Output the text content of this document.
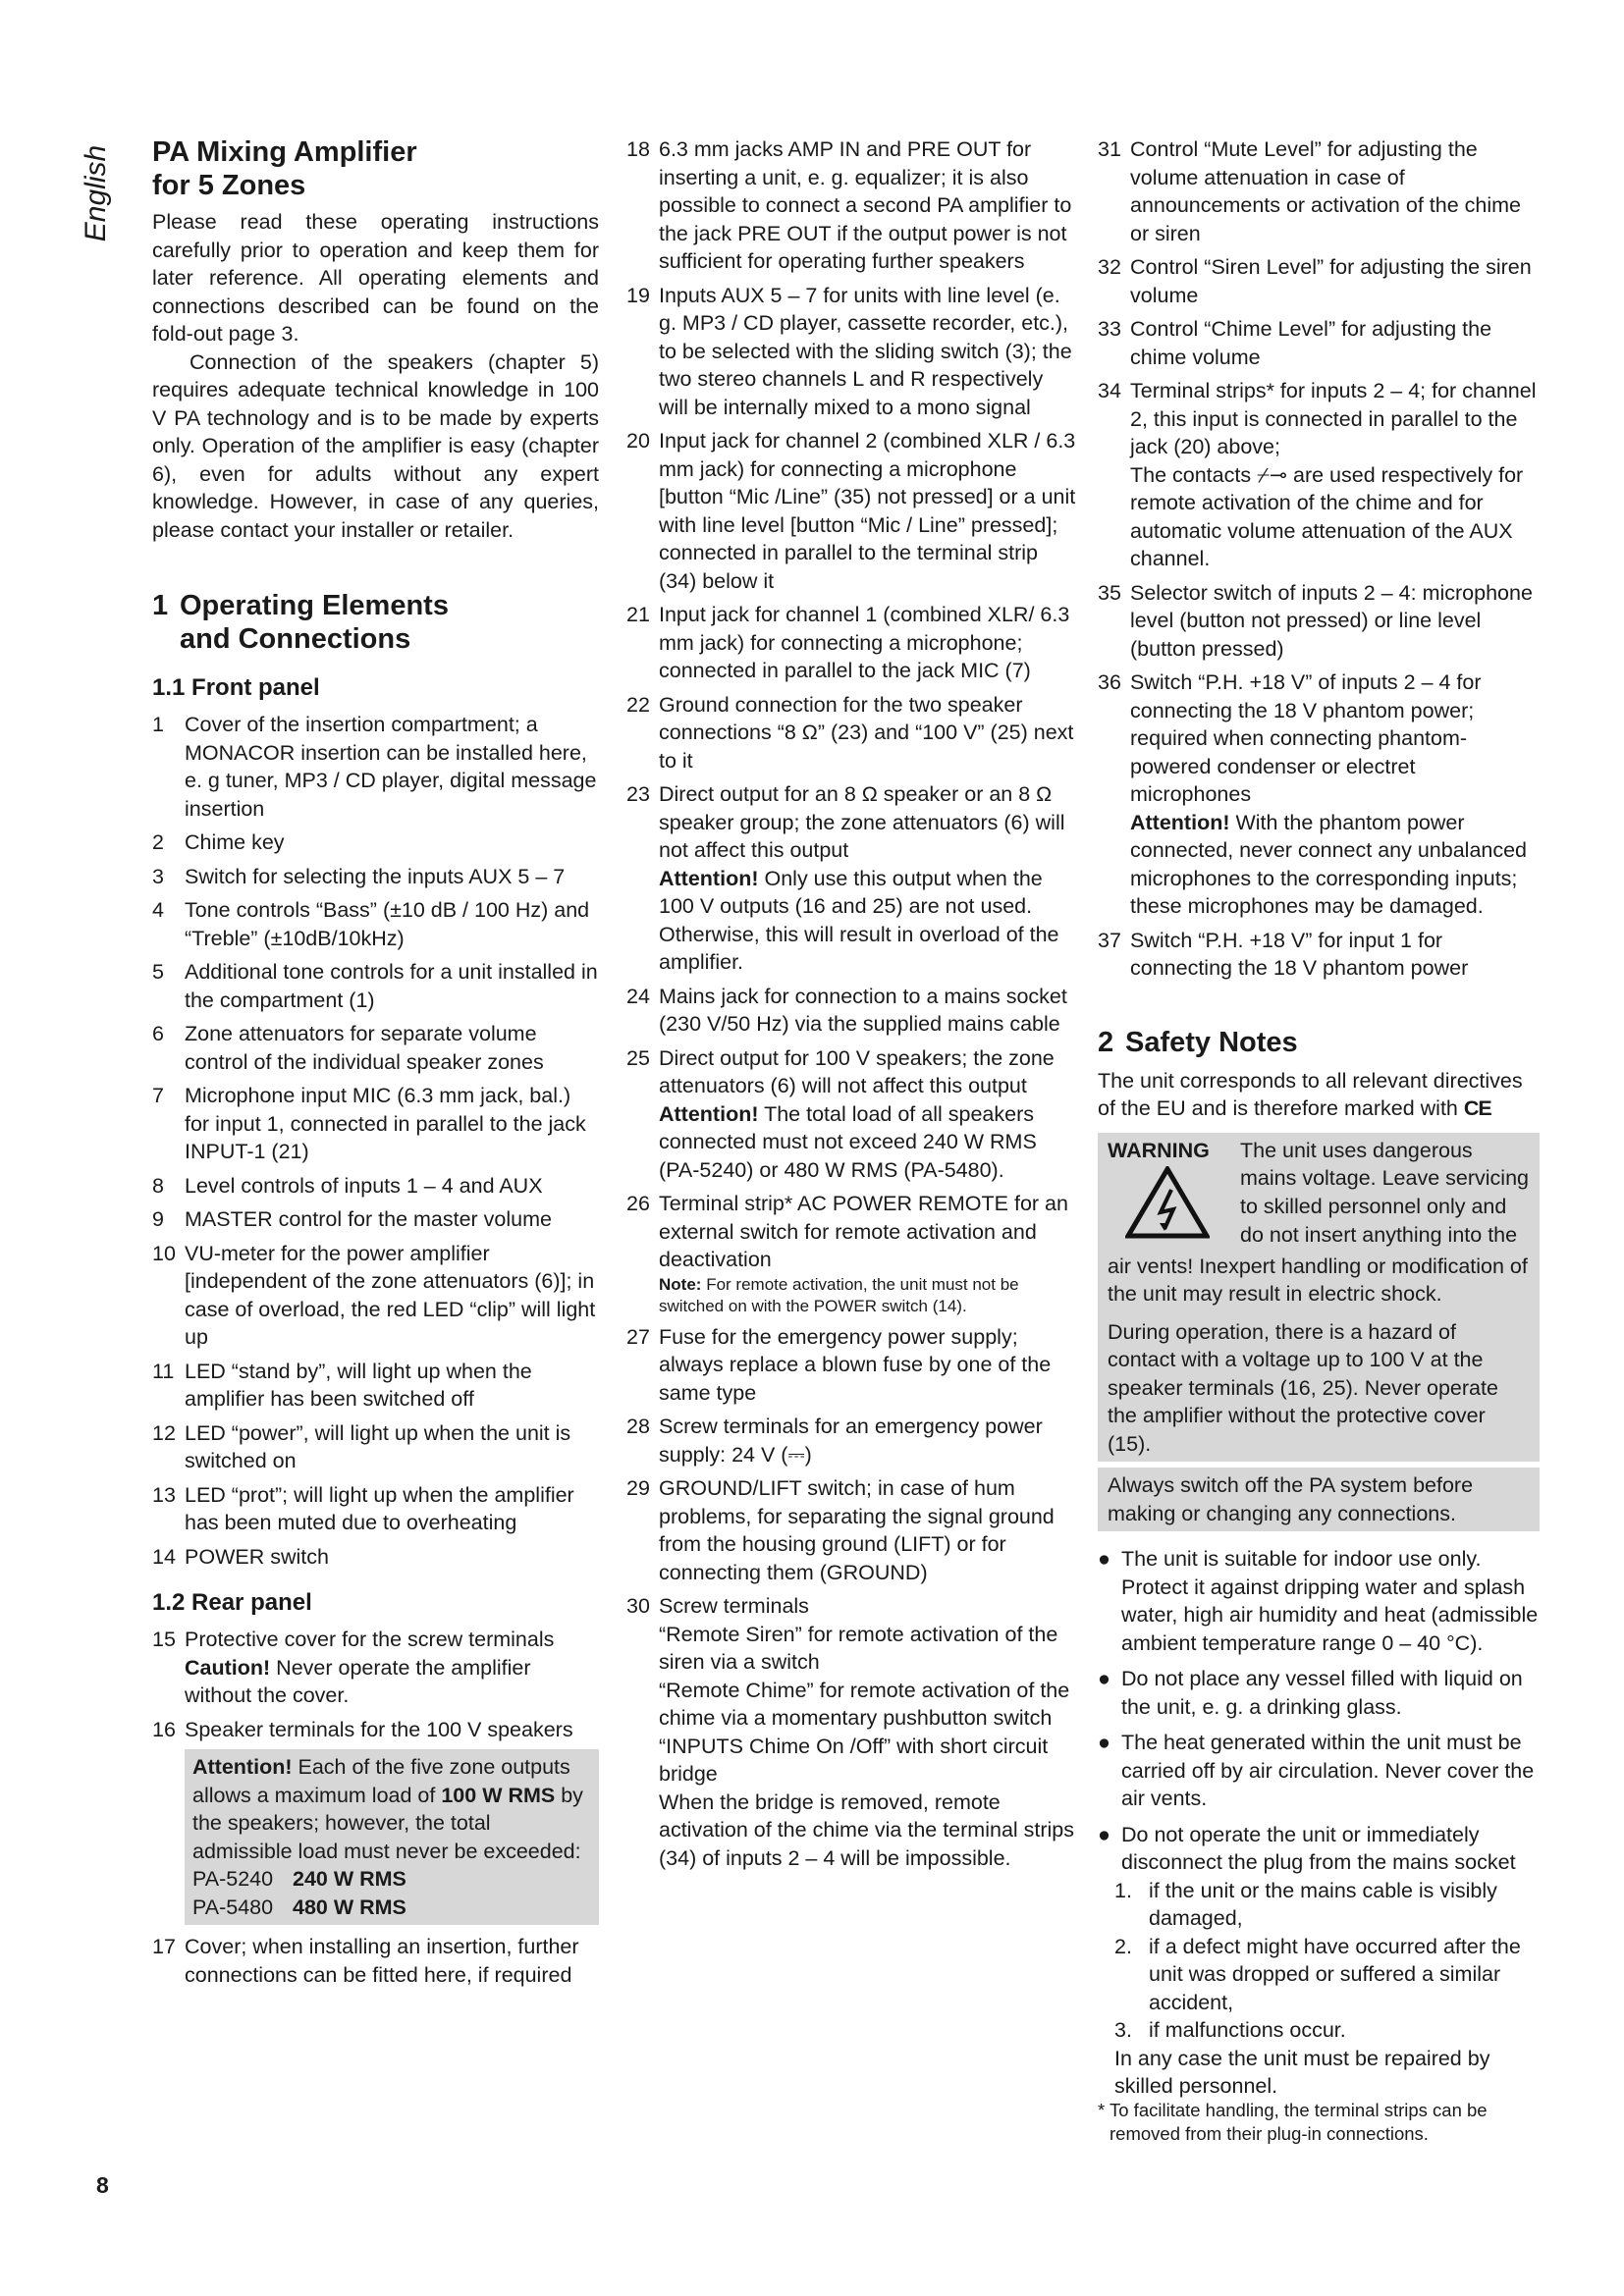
English PA Mixing Amplifier
for 5 Zones

Please read these operating instructions carefully prior to operation and keep them for later reference. All operating elements and connections described can be found on the fold-out page 3.

Connection of the speakers (chapter 5) requires adequate technical knowledge in 100 V PA technology and is to be made by experts only. Operation of the amplifier is easy (chapter 6), even for adults without any expert knowledge. However, in case of any queries, please contact your installer or retailer.

1 Operating Elements
and Connections
1.1 Front panel
1 Cover of the insertion compartment; a MONACOR insertion can be installed here, e. g tuner, MP3 / CD player, digital message insertion
2 Chime key
3 Switch for selecting the inputs AUX 5 – 7
4 Tone controls “Bass” (±10 dB / 100 Hz) and “Treble” (±10dB/10kHz)
5 Additional tone controls for a unit installed in the compartment (1)
6 Zone attenuators for separate volume control of the individual speaker zones
7 Microphone input MIC (6.3 mm jack, bal.) for input 1, connected in parallel to the jack INPUT-1 (21)
8 Level controls of inputs 1 – 4 and AUX
9 MASTER control for the master volume
10 VU-meter for the power amplifier [independent of the zone attenuators (6)]; in case of overload, the red LED “clip” will light up
11 LED “stand by”, will light up when the amplifier has been switched off
12 LED “power”, will light up when the unit is switched on
13 LED “prot”; will light up when the amplifier has been muted due to overheating
14 POWER switch
1.2 Rear panel
15 Protective cover for the screw terminals
Caution! Never operate the amplifier without the cover.
16 Speaker terminals for the 100 V speakers
Attention! Each of the five zone outputs allows a maximum load of 100 W RMS by the speakers; however, the total admissible load must never be exceeded:
PA-5240 240 W RMS
PA-5480 480 W RMS
17 Cover; when installing an insertion, further connections can be fitted here, if required
18 6.3 mm jacks AMP IN and PRE OUT for inserting a unit, e. g. equalizer; it is also possible to connect a second PA amplifier to the jack PRE OUT if the output power is not sufficient for operating further speakers
19 Inputs AUX 5 – 7 for units with line level (e. g. MP3 / CD player, cassette recorder, etc.), to be selected with the sliding switch (3); the two stereo channels L and R respectively will be internally mixed to a mono signal
20 Input jack for channel 2 (combined XLR / 6.3 mm jack) for connecting a microphone [button “Mic /Line” (35) not pressed] or a unit with line level [button “Mic / Line” pressed]; connected in parallel to the terminal strip (34) below it
21 Input jack for channel 1 (combined XLR/ 6.3 mm jack) for connecting a microphone; connected in parallel to the jack MIC (7)
22 Ground connection for the two speaker connections “8 Ω” (23) and “100 V” (25) next to it
23 Direct output for an 8 Ω speaker or an 8 Ω speaker group; the zone attenuators (6) will not affect this output
Attention! Only use this output when the 100 V outputs (16 and 25) are not used. Otherwise, this will result in overload of the amplifier.
24 Mains jack for connection to a mains socket (230 V/50 Hz) via the supplied mains cable
25 Direct output for 100 V speakers; the zone attenuators (6) will not affect this output
Attention! The total load of all speakers connected must not exceed 240 W RMS (PA-5240) or 480 W RMS (PA-5480).
26 Terminal strip* AC POWER REMOTE for an external switch for remote activation and deactivation
Note: For remote activation, the unit must not be switched on with the POWER switch (14).
27 Fuse for the emergency power supply; always replace a blown fuse by one of the same type
28 Screw terminals for an emergency power supply: 24 V (⎓)
29 GROUND/LIFT switch; in case of hum problems, for separating the signal ground from the housing ground (LIFT) or for connecting them (GROUND)
30 Screw terminals
“Remote Siren” for remote activation of the siren via a switch
“Remote Chime” for remote activation of the chime via a momentary pushbutton switch
“INPUTS Chime On /Off” with short circuit bridge
When the bridge is removed, remote activation of the chime via the terminal strips (34) of inputs 2 – 4 will be impossible.
31 Control “Mute Level” for adjusting the volume attenuation in case of announcements or activation of the chime or siren
32 Control “Siren Level” for adjusting the siren volume
33 Control “Chime Level” for adjusting the chime volume
34 Terminal strips* for inputs 2 – 4; for channel 2, this input is connected in parallel to the jack (20) above;
The contacts ⌿⊸ are used respectively for remote activation of the chime and for automatic volume attenuation of the AUX channel.
35 Selector switch of inputs 2 – 4: microphone level (button not pressed) or line level (button pressed)
36 Switch “P.H. +18 V” of inputs 2 – 4 for connecting the 18 V phantom power; required when connecting phantom-powered condenser or electret microphones
Attention! With the phantom power connected, never connect any unbalanced microphones to the corresponding inputs; these microphones may be damaged.
37 Switch “P.H. +18 V” for input 1 for connecting the 18 V phantom power
2 Safety Notes

The unit corresponds to all relevant directives of the EU and is therefore marked with CE

WARNING The unit uses dangerous
mains voltage. Leave servicing
to skilled personnel only and
do not insert anything into the

air vents! Inexpert handling or modification of the unit may result in electric shock.

During operation, there is a hazard of contact with a voltage up to 100 V at the speaker terminals (16, 25). Never operate the amplifier without the protective cover (15).

Always switch off the PA system before making or changing any connections.

● The unit is suitable for indoor use only. Protect it against dripping water and splash water, high air humidity and heat (admissible ambient temperature range 0 – 40 °C).
● Do not place any vessel filled with liquid on the unit, e. g. a drinking glass.
● The heat generated within the unit must be carried off by air circulation. Never cover the air vents.
● Do not operate the unit or immediately disconnect the plug from the mains socket
1. if the unit or the mains cable is visibly damaged,
2. if a defect might have occurred after the unit was dropped or suffered a similar accident,
3. if malfunctions occur.

In any case the unit must be repaired by skilled personnel.

* To facilitate handling, the terminal strips can be removed from their plug-in connections.
8
